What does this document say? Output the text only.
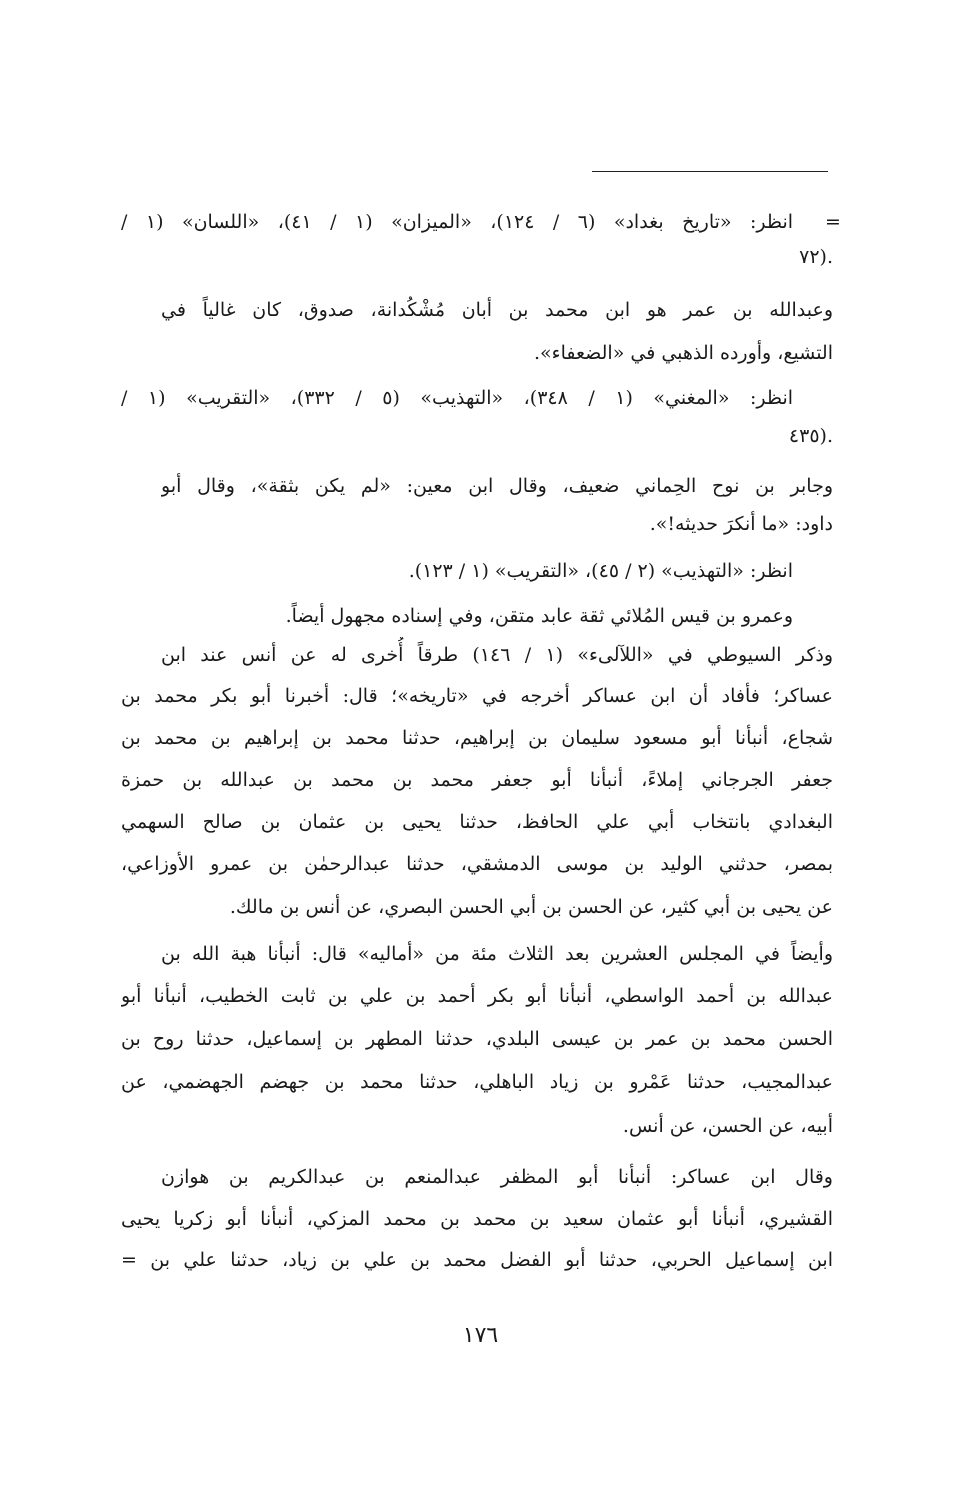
=
انظر: «تاريخ بغداد» (٦ / ١٢٤)، «الميزان» (١ / ٤١)، «اللسان» (١ /
٧٢).
وعبدالله بن عمر هو ابن محمد بن أبان مُشْكُدانة، صدوق، كان غالياً في
التشيع، وأورده الذهبي في «الضعفاء».
انظر: «المغني» (١ / ٣٤٨)، «التهذيب» (٥ / ٣٣٢)، «التقريب» (١ /
٤٣٥).
وجابر بن نوح الحِماني ضعيف، وقال ابن معين: «لم يكن بثقة»، وقال أبو
داود: «ما أنكرَ حديثه!».
انظر: «التهذيب» (٢ / ٤٥)، «التقريب» (١ / ١٢٣).
وعمرو بن قيس المُلائي ثقة عابد متقن، وفي إسناده مجهول أيضاً.
وذكر السيوطي في «اللآلىء» (١ / ١٤٦) طرقاً أُخرى له عن أنس عند ابن
عساكر؛ فأفاد أن ابن عساكر أخرجه في «تاريخه»؛ قال: أخبرنا أبو بكر محمد بن
شجاع، أنبأنا أبو مسعود سليمان بن إبراهيم، حدثنا محمد بن إبراهيم بن محمد بن
جعفر الجرجاني إملاءً، أنبأنا أبو جعفر محمد بن محمد بن عبدالله بن حمزة
البغدادي بانتخاب أبي علي الحافظ، حدثنا يحيى بن عثمان بن صالح السهمي
بمصر، حدثني الوليد بن موسى الدمشقي، حدثنا عبدالرحمٰن بن عمرو الأوزاعي،
عن يحيى بن أبي كثير، عن الحسن بن أبي الحسن البصري، عن أنس بن مالك.
وأيضاً في المجلس العشرين بعد الثلاث مئة من «أماليه» قال: أنبأنا هبة الله بن
عبدالله بن أحمد الواسطي، أنبأنا أبو بكر أحمد بن علي بن ثابت الخطيب، أنبأنا أبو
الحسن محمد بن عمر بن عيسى البلدي، حدثنا المطهر بن إسماعيل، حدثنا روح بن
عبدالمجيب، حدثنا عَمْرو بن زياد الباهلي، حدثنا محمد بن جهضم الجهضمي، عن
أبيه، عن الحسن، عن أنس.
وقال ابن عساكر: أنبأنا أبو المظفر عبدالمنعم بن عبدالكريم بن هوازن
القشيري، أنبأنا أبو عثمان سعيد بن محمد بن محمد المزكي، أنبأنا أبو زكريا يحيى
ابن إسماعيل الحربي، حدثنا أبو الفضل محمد بن علي بن زياد، حدثنا علي بن =
١٧٦
